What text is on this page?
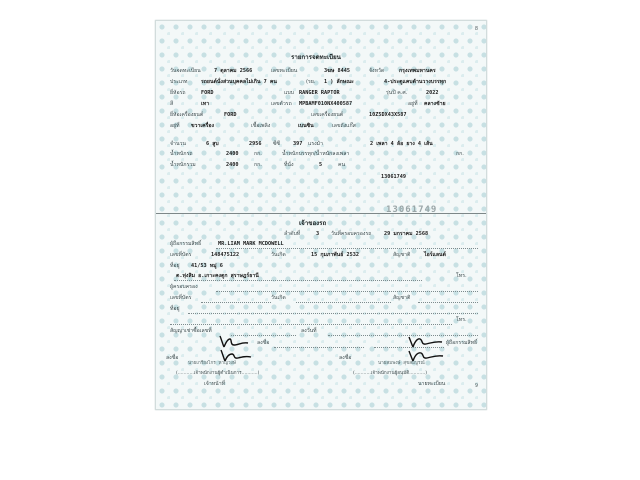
8
รายการจดทะเบียน
วันจดทะเบียน	7 ตุลาคม 2566	เลขทะเบียน	3ฆษ 8445	จังหวัด	กรุงเทพมหานคร
ประเภท	รถยนต์นั่งส่วนบุคคลไม่เกิน 7 คน	(รย. 1 ) ลักษณะ	4-ประตูแคบด้านวางบรรทุก
ยี่ห้อรถ	FORD	แบบ RANGER RAPTOR	รุ่นปี ค.ศ.	2022
สี	เทา	เลขตัวรถ MPBAMF010NX400587	อยู่ที่ คลางซ้าย
ยี่ห้อเครื่องยนต์	FORD	เลขเครื่องยนต์	10Z5DX43X587
อยู่ที่ ขวาเครื่อง	เชื้อเพลิง	เบนซิน	เลขถังแก๊ส
จำนวน	6 สูบ	2956 ซีซี 397 แรงม้า	2 เพลา 4 ล้อ ยาง 4 เส้น
น้ำหนักรถ	2400	กก.	น้ำหนักบรรทุก/น้ำหนักลงเพลา	กก.
น้ำหนักรวม	2400	กก.	ที่นั่ง	5	คน
13061749
13061749
เจ้าของรถ
ลำดับที่	3 วันที่ครอบครองรถ 29 มกราคม 2568
ผู้ถือกรรมสิทธิ์	MR.LIAM MARK MCDOWELL
เลขที่บัตร	148475122	วันเกิด	15 กุมภาพันธ์ 2532	สัญชาติ	ไอร์แลนด์
ที่อยู่ 41/53 หมู่ 6
ต.ทุ่งสิม อ.เกาะคงตูก สุราษฎร์ธานี	โทร.
ผู้ครอบครอง
เลขที่บัตร	วันเกิด	สัญชาติ
ที่อยู่
โทร.
สัญญาเช่าซื้อเลขที่	ลงวันที่
ลงชื่อ	ผู้ถือกรรมสิทธิ์
ลงชื่อ
นายเกรียงไกร หาญวงษ์
(...........เจ้าพนักงานผู้ดำเนินการ...........)
เจ้าหน้าที่
ลงชื่อ
นายสมพงษ์ สุขสมบูรณ์
(...........เจ้าพนักงานผู้อนุมัติ...........)
นายทะเบียน	9
